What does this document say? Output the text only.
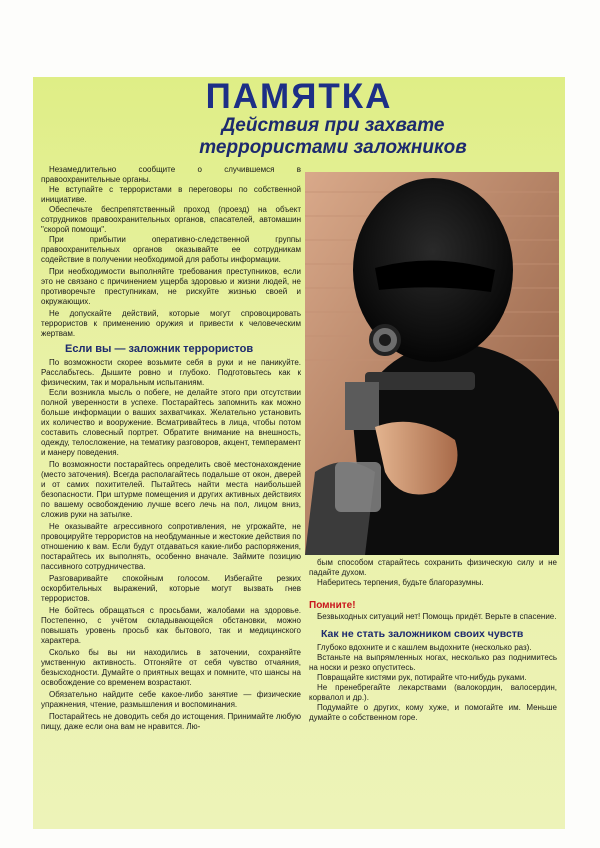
ПАМЯТКА
Действия при захвате
террористами заложников

Незамедлительно сообщите о случившемся в правоохранительные органы.

Не вступайте с террористами в переговоры по собственной инициативе.

Обеспечьте беспрепятственный проход (проезд) на объект сотрудников правоохранительных органов, спасателей, автомашин "скорой помощи".

При прибытии оперативно-следственной группы правоохранительных органов оказывайте ее сотрудникам содействие в получении необходимой для работы информации.

При необходимости выполняйте требования преступников, если это не связано с причинением ущерба здоровью и жизни людей, не противоречьте преступникам, не рискуйте жизнью своей и окружающих.

Не допускайте действий, которые могут спровоцировать террористов к применению оружия и привести к человеческим жертвам.

Если вы — заложник террористов

По возможности скорее возьмите себя в руки и не паникуйте. Расслабьтесь. Дышите ровно и глубоко. Подготовьтесь как к физическим, так и моральным испытаниям.

Если возникла мысль о побеге, не делайте этого при отсутствии полной уверенности в успехе. Постарайтесь запомнить как можно больше информации о ваших захватчиках. Желательно установить их количество и вооружение. Всматривайтесь в лица, чтобы потом составить словесный портрет. Обратите внимание на внешность, одежду, телосложение, на тематику разговоров, акцент, темперамент и манеру поведения.

По возможности постарайтесь определить своё местонахождение (место заточения). Всегда располагайтесь подальше от окон, дверей и от самих похитителей. Пытайтесь найти места наибольшей безопасности. При штурме помещения и других активных действиях по вашему освобождению лучше всего лечь на пол, лицом вниз, сложив руки на затылке.

Не оказывайте агрессивного сопротивления, не угрожайте, не провоцируйте террористов на необдуманные и жестокие действия по отношению к вам. Если будут отдаваться какие-либо распоряжения, постарайтесь их выполнять, особенно вначале. Займите позицию пассивного сотрудничества.

Разговаривайте спокойным голосом. Избегайте резких оскорбительных выражений, которые могут вызвать гнев террористов.

Не бойтесь обращаться с просьбами, жалобами на здоровье. Постепенно, с учётом складывающейся обстановки, можно повышать уровень просьб как бытового, так и медицинского характера.

Сколько бы вы ни находились в заточении, сохраняйте умственную активность. Отгоняйте от себя чувство отчаяния, безысходности. Думайте о приятных вещах и помните, что шансы на освобождение со временем возрастают.

Обязательно найдите себе какое-либо занятие — физические упражнения, чтение, размышления и воспоминания.

Постарайтесь не доводить себя до истощения. Принимайте любую пищу, даже если она вам не нравится. Лю-

бым способом старайтесь сохранить физическую силу и не падайте духом.

Наберитесь терпения, будьте благоразумны.

Помните!

Безвыходных ситуаций нет! Помощь придёт. Верьте в спасение.

Как не стать заложником своих чувств

Глубоко вдохните и с кашлем выдохните (несколько раз).

Встаньте на выпрямленных ногах, несколько раз поднимитесь на носки и резко опуститесь.

Повращайте кистями рук, потирайте что-нибудь руками.

Не пренебрегайте лекарствами (валокордин, валосердин, корвалол и др.).

Подумайте о других, кому хуже, и помогайте им. Меньше думайте о собственном горе.
